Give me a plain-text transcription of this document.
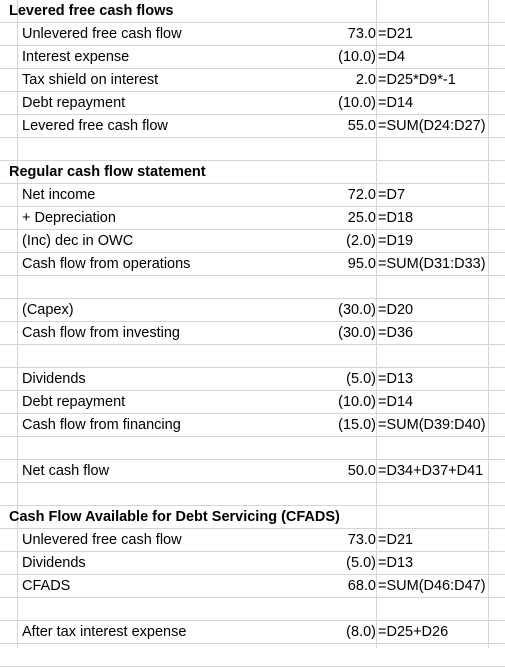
Levered free cash flows
Unlevered free cash flow	73.0 =D21
Interest expense	(10.0) =D4
Tax shield on interest	2.0 =D25*D9*-1
Debt repayment	(10.0) =D14
Levered free cash flow	55.0 =SUM(D24:D27)
Regular cash flow statement
Net income	72.0 =D7
+ Depreciation	25.0 =D18
(Inc) dec in OWC	(2.0) =D19
Cash flow from operations	95.0 =SUM(D31:D33)
(Capex)	(30.0) =D20
Cash flow from investing	(30.0) =D36
Dividends	(5.0) =D13
Debt repayment	(10.0) =D14
Cash flow from financing	(15.0) =SUM(D39:D40)
Net cash flow	50.0 =D34+D37+D41
Cash Flow Available for Debt Servicing (CFADS)
Unlevered free cash flow	73.0 =D21
Dividends	(5.0) =D13
CFADS	68.0 =SUM(D46:D47)
After tax interest expense	(8.0) =D25+D26
